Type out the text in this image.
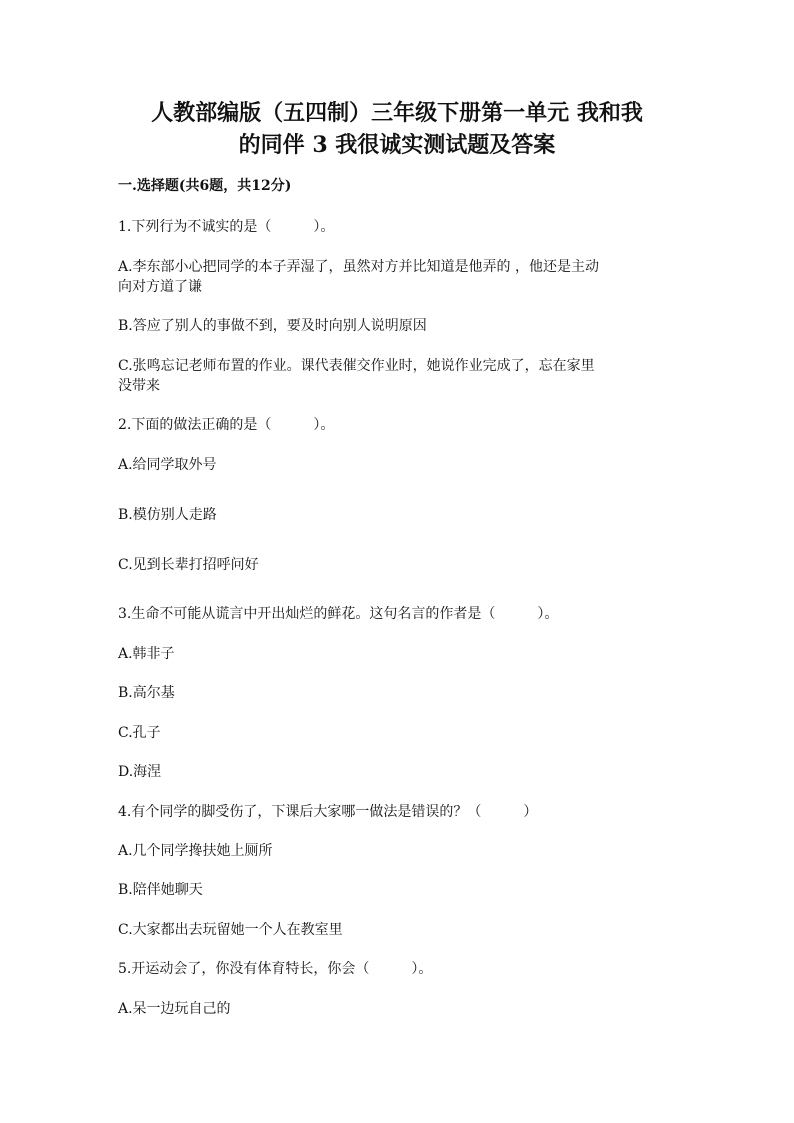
人教部编版（五四制）三年级下册第一单元 我和我
的同伴 3 我很诚实测试题及答案
一.选择题(共6题，共12分)
1.下列行为不诚实的是（　　　）。
A.李东部小心把同学的本子弄湿了，虽然对方并比知道是他弄的 ，他还是主动
向对方道了谦
B.答应了别人的事做不到，要及时向别人说明原因
C.张鸣忘记老师布置的作业。课代表催交作业时，她说作业完成了，忘在家里
没带来
2.下面的做法正确的是（　　　）。
A.给同学取外号
B.模仿别人走路
C.见到长辈打招呼问好
3.生命不可能从谎言中开出灿烂的鲜花。这句名言的作者是（　　　）。
A.韩非子
B.高尔基
C.孔子
D.海涅
4.有个同学的脚受伤了，下课后大家哪一做法是错误的？（　　　）
A.几个同学搀扶她上厕所
B.陪伴她聊天
C.大家都出去玩留她一个人在教室里
5.开运动会了，你没有体育特长，你会（　　　）。
A.呆一边玩自己的
